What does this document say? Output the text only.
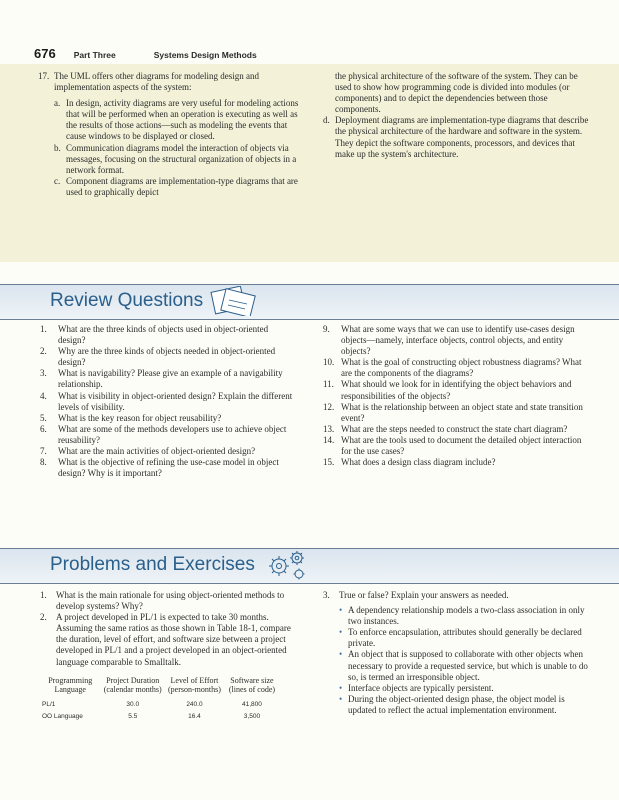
676 Part Three	Systems Design Methods
17. The UML offers other diagrams for modeling design and implementation aspects of the system:
a. In design, activity diagrams are very useful for modeling actions that will be performed when an operation is executing as well as the results of those actions—such as modeling the events that cause windows to be displayed or closed.
b. Communication diagrams model the interaction of objects via messages, focusing on the structural organization of objects in a network format.
c. Component diagrams are implementation-type diagrams that are used to graphically depict
the physical architecture of the software of the system. They can be used to show how programming code is divided into modules (or components) and to depict the dependencies between those components.
d. Deployment diagrams are implementation-type diagrams that describe the physical architecture of the hardware and software in the system. They depict the software components, processors, and devices that make up the system's architecture.
Review Questions
1.	What are the three kinds of objects used in object-oriented design?
2.	Why are the three kinds of objects needed in object-oriented design?
3.	What is navigability? Please give an example of a navigability relationship.
4.	What is visibility in object-oriented design? Explain the different levels of visibility.
5.	What is the key reason for object reusability?
6.	What are some of the methods developers use to achieve object reusability?
7.	What are the main activities of object-oriented design?
8.	What is the objective of refining the use-case model in object design? Why is it important?
9.	What are some ways that we can use to identify use-cases design objects—namely, interface objects, control objects, and entity objects?
10. What is the goal of constructing object robustness diagrams? What are the components of the diagrams?
11. What should we look for in identifying the object behaviors and responsibilities of the objects?
12. What is the relationship between an object state and state transition event?
13. What are the steps needed to construct the state chart diagram?
14. What are the tools used to document the detailed object interaction for the use cases?
15. What does a design class diagram include?
Problems and Exercises
1.	What is the main rationale for using object-oriented methods to develop systems? Why?
2.	A project developed in PL/1 is expected to take 30 months. Assuming the same ratios as those shown in Table 18-1, compare the duration, level of effort, and software size between a project developed in PL/1 and a project developed in an object-oriented language comparable to Smalltalk.
Programming Language	Project Duration (calendar months)	Level of Effort (person-months)	Software size (lines of code)
PL/1	30.0	240.0	41,800
OO Language	5.5	16.4	3,500
3.	True or false? Explain your answers as needed.
• A dependency relationship models a two-class association in only two instances.
• To enforce encapsulation, attributes should generally be declared private.
• An object that is supposed to collaborate with other objects when necessary to provide a requested service, but which is unable to do so, is termed an irresponsible object.
• Interface objects are typically persistent.
• During the object-oriented design phase, the object model is updated to reflect the actual implementation environment.
